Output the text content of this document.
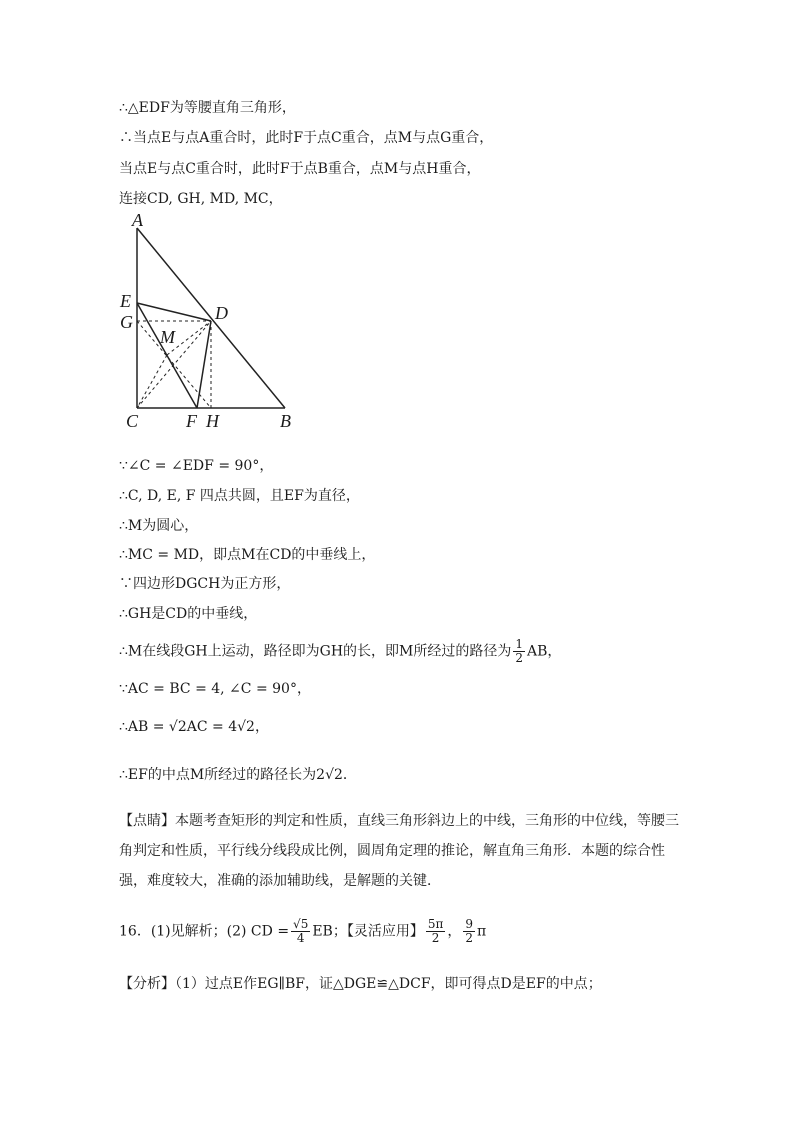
∴△EDF为等腰直角三角形，
∴当点E与点A重合时，此时F于点C重合，点M与点G重合，
当点E与点C重合时，此时F于点B重合，点M与点H重合，
连接CD, GH, MD, MC，
A
E
G
M
D
C	F H	B
∵∠C = ∠EDF = 90°，
∴C, D, E, F 四点共圆，且EF为直径，
∴M为圆心，
∴MC = MD，即点M在CD的中垂线上，
∵四边形DGCH为正方形，
∴GH是CD的中垂线，
∴M在线段GH上运动，路径即为GH的长，即M所经过的路径为 $\frac{1}{2}$ AB，
∵AC = BC = 4, ∠C = 90°，
∴AB = √2AC = 4√2，
∴EF的中点M所经过的路径长为2√2．
【点睛】本题考查矩形的判定和性质，直线三角形斜边上的中线，三角形的中位线，等腰三角判定和性质，平行线分线段成比例，圆周角定理的推论，解直角三角形．本题的综合性强，难度较大，准确的添加辅助线，是解题的关键．
16．(1)见解析；(2) CD = $\frac{√5}{4}$ EB；【灵活应用】 $\frac{5\pi}{2}$ ， $\frac{9}{2}$ π
【分析】（1）过点E作EG∥BF，证△DGE≌△DCF，即可得点D是EF的中点；
